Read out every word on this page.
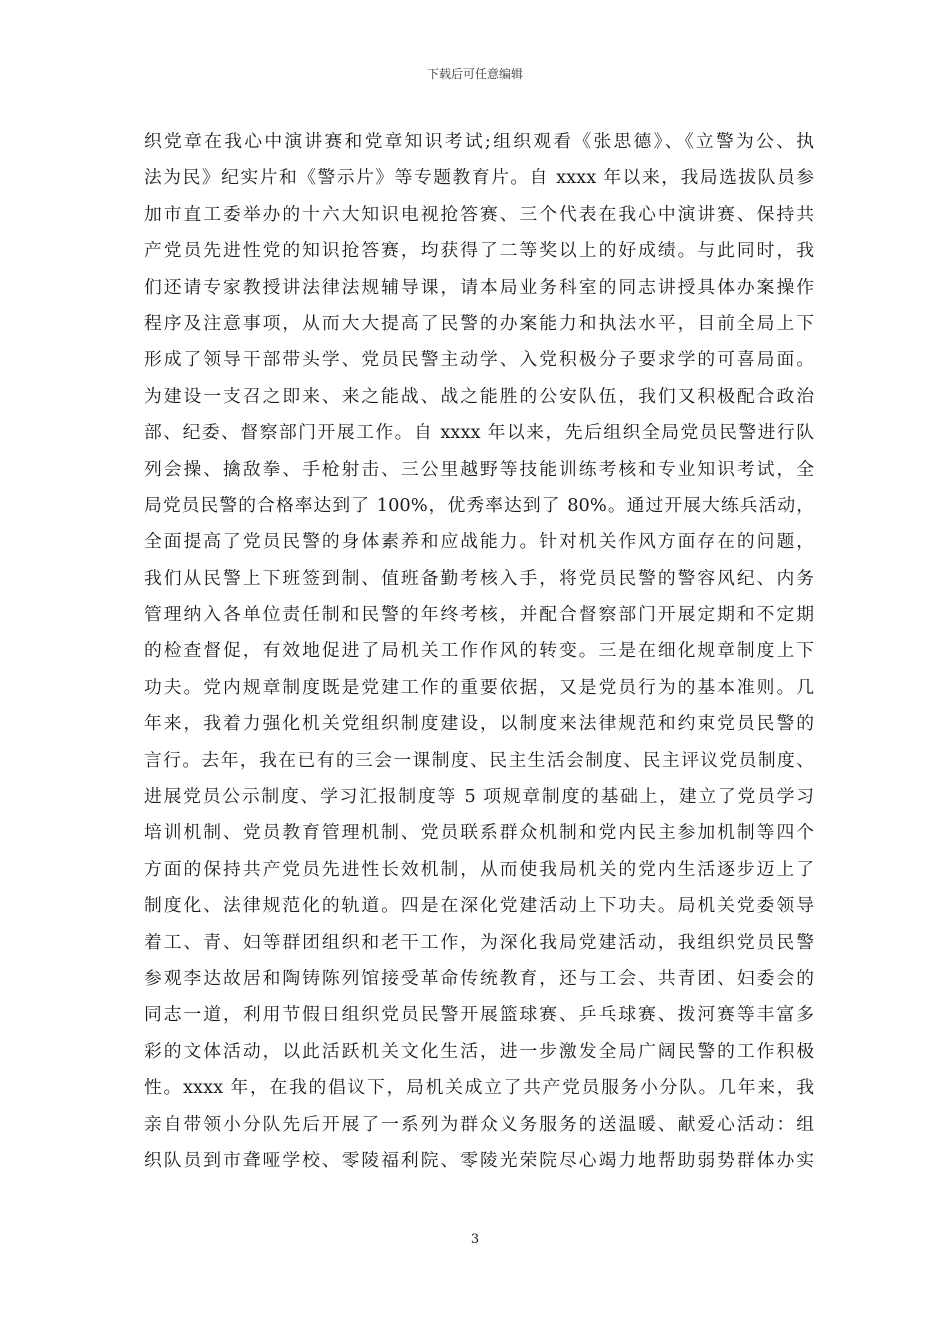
下载后可任意编辑
织党章在我心中演讲赛和党章知识考试;组织观看《张思德》、《立警为公、执
法为民》纪实片和《警示片》等专题教育片。自 xxxx 年以来，我局选拔队员参
加市直工委举办的十六大知识电视抢答赛、三个代表在我心中演讲赛、保持共
产党员先进性党的知识抢答赛，均获得了二等奖以上的好成绩。与此同时，我
们还请专家教授讲法律法规辅导课，请本局业务科室的同志讲授具体办案操作
程序及注意事项，从而大大提高了民警的办案能力和执法水平，目前全局上下
形成了领导干部带头学、党员民警主动学、入党积极分子要求学的可喜局面。
为建设一支召之即来、来之能战、战之能胜的公安队伍，我们又积极配合政治
部、纪委、督察部门开展工作。自 xxxx 年以来，先后组织全局党员民警进行队
列会操、擒敌拳、手枪射击、三公里越野等技能训练考核和专业知识考试，全
局党员民警的合格率达到了 100%，优秀率达到了 80%。通过开展大练兵活动，
全面提高了党员民警的身体素养和应战能力。针对机关作风方面存在的问题，
我们从民警上下班签到制、值班备勤考核入手，将党员民警的警容风纪、内务
管理纳入各单位责任制和民警的年终考核，并配合督察部门开展定期和不定期
的检查督促，有效地促进了局机关工作作风的转变。三是在细化规章制度上下
功夫。党内规章制度既是党建工作的重要依据，又是党员行为的基本准则。几
年来，我着力强化机关党组织制度建设，以制度来法律规范和约束党员民警的
言行。去年，我在已有的三会一课制度、民主生活会制度、民主评议党员制度、
进展党员公示制度、学习汇报制度等 5 项规章制度的基础上，建立了党员学习
培训机制、党员教育管理机制、党员联系群众机制和党内民主参加机制等四个
方面的保持共产党员先进性长效机制，从而使我局机关的党内生活逐步迈上了
制度化、法律规范化的轨道。四是在深化党建活动上下功夫。局机关党委领导
着工、青、妇等群团组织和老干工作，为深化我局党建活动，我组织党员民警
参观李达故居和陶铸陈列馆接受革命传统教育，还与工会、共青团、妇委会的
同志一道，利用节假日组织党员民警开展篮球赛、乒乓球赛、拨河赛等丰富多
彩的文体活动，以此活跃机关文化生活，进一步激发全局广阔民警的工作积极
性。xxxx 年，在我的倡议下，局机关成立了共产党员服务小分队。几年来，我
亲自带领小分队先后开展了一系列为群众义务服务的送温暖、献爱心活动：组
织队员到市聋哑学校、零陵福利院、零陵光荣院尽心竭力地帮助弱势群体办实
3
